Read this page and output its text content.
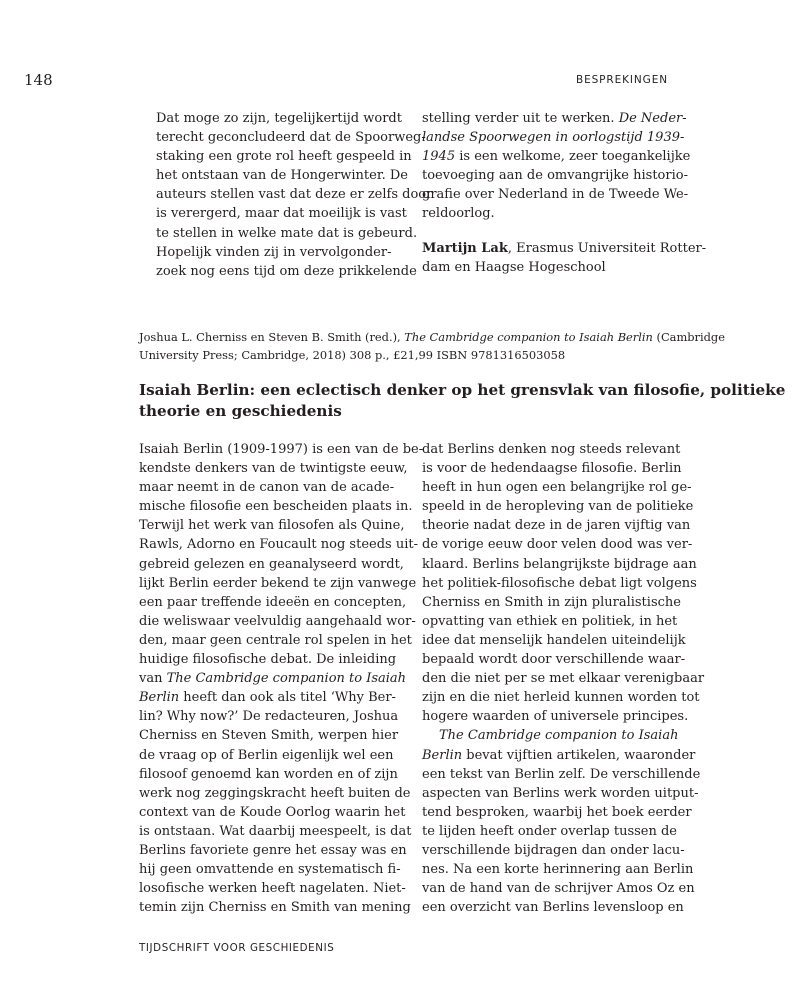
148	BESPREKINGEN

Dat moge zo zijn, tegelijkertijd wordt
terecht geconcludeerd dat de Spoorweg-
staking een grote rol heeft gespeeld in
het ontstaan van de Hongerwinter. De
auteurs stellen vast dat deze er zelfs door
is verergerd, maar dat moeilijk is vast
te stellen in welke mate dat is gebeurd.
Hopelijk vinden zij in vervolgonder-
zoek nog eens tijd om deze prikkelende

stelling verder uit te werken. De Neder-
landse Spoorwegen in oorlogstijd 1939-
1945 is een welkome, zeer toegankelijke
toevoeging aan de omvangrijke historio-
grafie over Nederland in de Tweede We-
reldoorlog.

Martijn Lak, Erasmus Universiteit Rotter-
dam en Haagse Hogeschool

Joshua L. Cherniss en Steven B. Smith (red.), The Cambridge companion to Isaiah Berlin (Cambridge
University Press; Cambridge, 2018) 308 p., £21,99 ISBN 9781316503058
Isaiah Berlin: een eclectisch denker op het grensvlak van filosofie, politieke
theorie en geschiedenis

Isaiah Berlin (1909-1997) is een van de be-
kendste denkers van de twintigste eeuw,
maar neemt in de canon van de acade-
mische filosofie een bescheiden plaats in.
Terwijl het werk van filosofen als Quine,
Rawls, Adorno en Foucault nog steeds uit-
gebreid gelezen en geanalyseerd wordt,
lijkt Berlin eerder bekend te zijn vanwege
een paar treffende ideeën en concepten,
die weliswaar veelvuldig aangehaald wor-
den, maar geen centrale rol spelen in het
huidige filosofische debat. De inleiding
van The Cambridge companion to Isaiah
Berlin heeft dan ook als titel ‘Why Ber-
lin? Why now?’ De redacteuren, Joshua
Cherniss en Steven Smith, werpen hier
de vraag op of Berlin eigenlijk wel een
filosoof genoemd kan worden en of zijn
werk nog zeggingskracht heeft buiten de
context van de Koude Oorlog waarin het
is ontstaan. Wat daarbij meespeelt, is dat
Berlins favoriete genre het essay was en
hij geen omvattende en systematisch fi-
losofische werken heeft nagelaten. Niet-
temin zijn Cherniss en Smith van mening

dat Berlins denken nog steeds relevant
is voor de hedendaagse filosofie. Berlin
heeft in hun ogen een belangrijke rol ge-
speeld in de heropleving van de politieke
theorie nadat deze in de jaren vijftig van
de vorige eeuw door velen dood was ver-
klaard. Berlins belangrijkste bijdrage aan
het politiek-filosofische debat ligt volgens
Cherniss en Smith in zijn pluralistische
opvatting van ethiek en politiek, in het
idee dat menselijk handelen uiteindelijk
bepaald wordt door verschillende waar-
den die niet per se met elkaar verenigbaar
zijn en die niet herleid kunnen worden tot
hogere waarden of universele principes.

The Cambridge companion to Isaiah
Berlin bevat vijftien artikelen, waaronder
een tekst van Berlin zelf. De verschillende
aspecten van Berlins werk worden uitput-
tend besproken, waarbij het boek eerder
te lijden heeft onder overlap tussen de
verschillende bijdragen dan onder lacu-
nes. Na een korte herinnering aan Berlin
van de hand van de schrijver Amos Oz en
een overzicht van Berlins levensloop en

TIJDSCHRIFT VOOR GESCHIEDENIS
